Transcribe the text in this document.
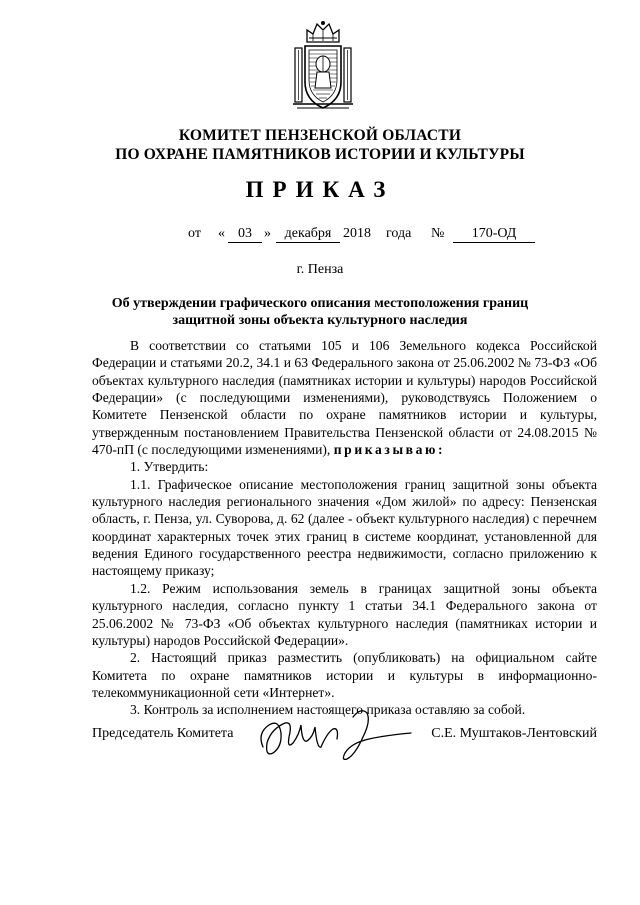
КОМИТЕТ ПЕНЗЕНСКОЙ ОБЛАСТИ
ПО ОХРАНЕ ПАМЯТНИКОВ ИСТОРИИ И КУЛЬТУРЫ
ПРИКАЗ
от « 03 » декабря 2018 года №	170-ОД
г. Пенза
Об утверждении графического описания местоположения границ
защитной зоны объекта культурного наследия

В соответствии со статьями 105 и 106 Земельного кодекса Российской Федерации и статьями 20.2, 34.1 и 63 Федерального закона от 25.06.2002 № 73-ФЗ «Об объектах культурного наследия (памятниках истории и культуры) народов Российской Федерации» (с последующими изменениями), руководствуясь Положением о Комитете Пензенской области по охране памятников истории и культуры, утвержденным постановлением Правительства Пензенской области от 24.08.2015 № 470-пП (с последующими изменениями), приказываю:

1. Утвердить:

1.1. Графическое описание местоположения границ защитной зоны объекта культурного наследия регионального значения «Дом жилой» по адресу: Пензенская область, г. Пенза, ул. Суворова, д. 62 (далее - объект культурного наследия) с перечнем координат характерных точек этих границ в системе координат, установленной для ведения Единого государственного реестра недвижимости, согласно приложению к настоящему приказу;

1.2. Режим использования земель в границах защитной зоны объекта культурного наследия, согласно пункту 1 статьи 34.1 Федерального закона от 25.06.2002 № 73-ФЗ «Об объектах культурного наследия (памятниках истории и культуры) народов Российской Федерации».

2. Настоящий приказ разместить (опубликовать) на официальном сайте Комитета по охране памятников истории и культуры в информационно-телекоммуникационной сети «Интернет».

3. Контроль за исполнением настоящего приказа оставляю за собой.

Председатель Комитета	С.Е. Муштаков-Лентовский
